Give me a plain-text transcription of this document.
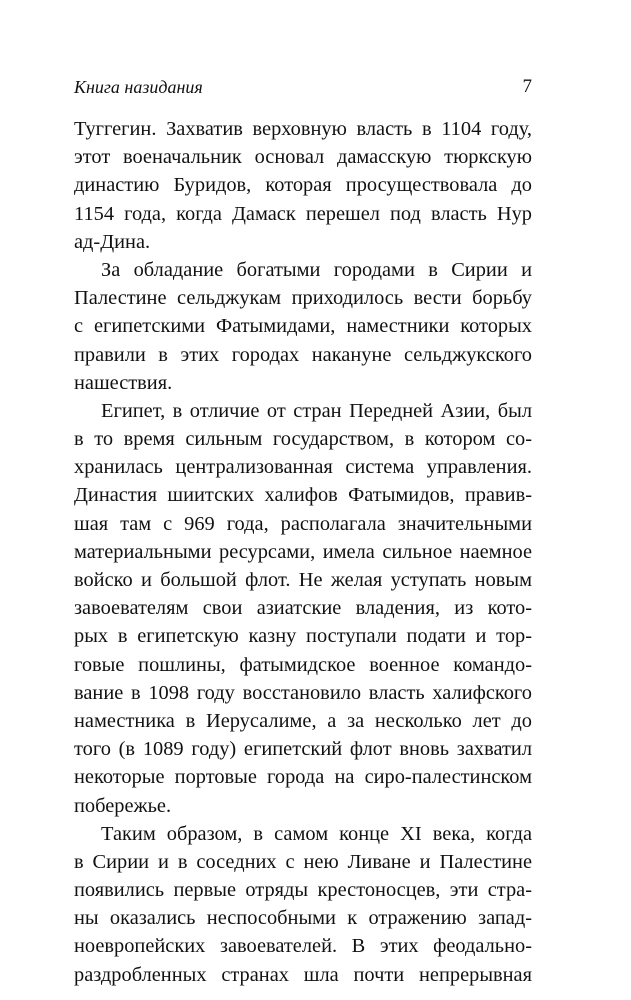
Книга назидания	7
Туггегин. Захватив верховную власть в 1104 году,
этот военачальник основал дамасскую тюркскую
династию Буридов, которая просуществовала до
1154 года, когда Дамаск перешел под власть Нур
ад-Дина.
За обладание богатыми городами в Сирии и
Палестине сельджукам приходилось вести борьбу
с египетскими Фатымидами, наместники которых
правили в этих городах накануне сельджукского
нашествия.
Египет, в отличие от стран Передней Азии, был
в то время сильным государством, в котором со-
хранилась централизованная система управления.
Династия шиитских халифов Фатымидов, правив-
шая там с 969 года, располагала значительными
материальными ресурсами, имела сильное наемное
войско и большой флот. Не желая уступать новым
завоевателям свои азиатские владения, из кото-
рых в египетскую казну поступали подати и тор-
говые пошлины, фатымидское военное командо-
вание в 1098 году восстановило власть халифского
наместника в Иерусалиме, а за несколько лет до
того (в 1089 году) египетский флот вновь захватил
некоторые портовые города на сиро-палестинском
побережье.
Таким образом, в самом конце XI века, когда
в Сирии и в соседних с нею Ливане и Палестине
появились первые отряды крестоносцев, эти стра-
ны оказались неспособными к отражению запад-
ноевропейских завоевателей. В этих феодально-
раздробленных странах шла почти непрерывная
